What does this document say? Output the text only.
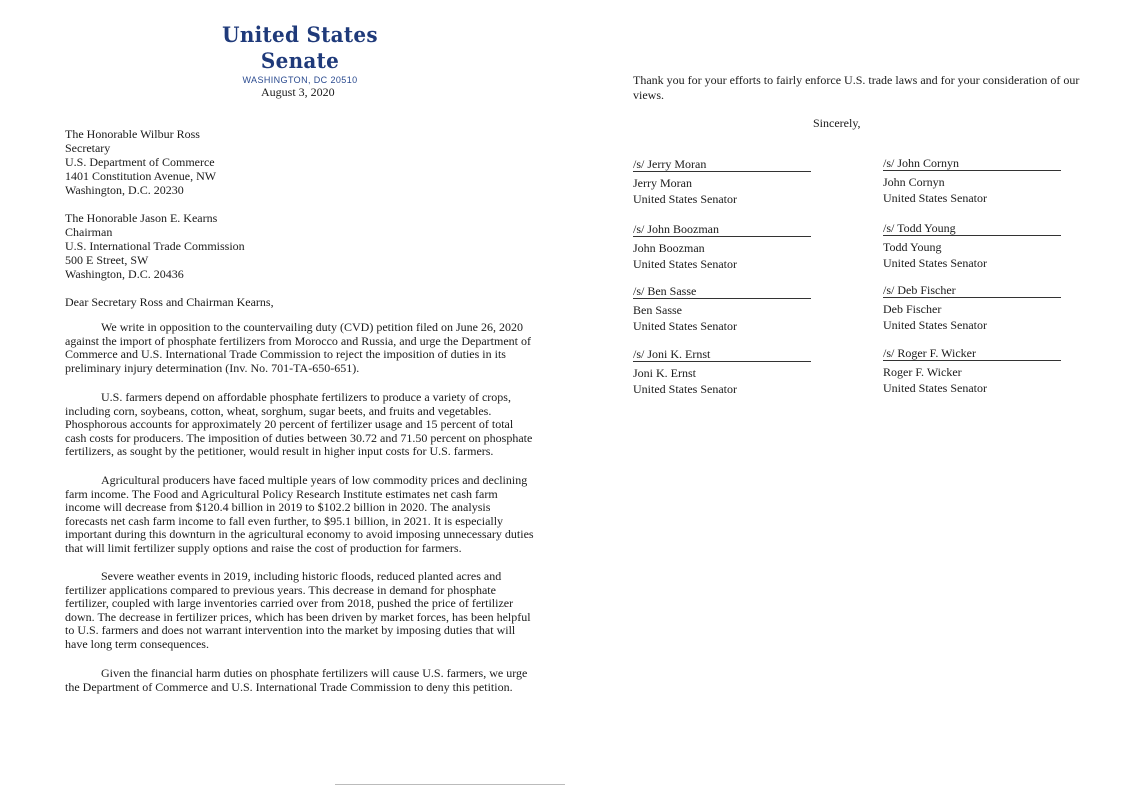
United States Senate
WASHINGTON, DC 20510
August 3, 2020
The Honorable Wilbur Ross
Secretary
U.S. Department of Commerce
1401 Constitution Avenue, NW
Washington, D.C. 20230
The Honorable Jason E. Kearns
Chairman
U.S. International Trade Commission
500 E Street, SW
Washington, D.C. 20436
Dear Secretary Ross and Chairman Kearns,

We write in opposition to the countervailing duty (CVD) petition filed on June 26, 2020 against the import of phosphate fertilizers from Morocco and Russia, and urge the Department of Commerce and U.S. International Trade Commission to reject the imposition of duties in its preliminary injury determination (Inv. No. 701-TA-650-651).

U.S. farmers depend on affordable phosphate fertilizers to produce a variety of crops, including corn, soybeans, cotton, wheat, sorghum, sugar beets, and fruits and vegetables. Phosphorous accounts for approximately 20 percent of fertilizer usage and 15 percent of total cash costs for producers. The imposition of duties between 30.72 and 71.50 percent on phosphate fertilizers, as sought by the petitioner, would result in higher input costs for U.S. farmers.

Agricultural producers have faced multiple years of low commodity prices and declining farm income. The Food and Agricultural Policy Research Institute estimates net cash farm income will decrease from $120.4 billion in 2019 to $102.2 billion in 2020. The analysis forecasts net cash farm income to fall even further, to $95.1 billion, in 2021. It is especially important during this downturn in the agricultural economy to avoid imposing unnecessary duties that will limit fertilizer supply options and raise the cost of production for farmers.

Severe weather events in 2019, including historic floods, reduced planted acres and fertilizer applications compared to previous years. This decrease in demand for phosphate fertilizer, coupled with large inventories carried over from 2018, pushed the price of fertilizer down. The decrease in fertilizer prices, which has been driven by market forces, has been helpful to U.S. farmers and does not warrant intervention into the market by imposing duties that will have long term consequences.

Given the financial harm duties on phosphate fertilizers will cause U.S. farmers, we urge the Department of Commerce and U.S. International Trade Commission to deny this petition.

Thank you for your efforts to fairly enforce U.S. trade laws and for your consideration of our views.

Sincerely,
/s/ Jerry Moran
Jerry Moran
United States Senator
/s/ John Cornyn
John Cornyn
United States Senator
/s/ John Boozman
John Boozman
United States Senator
/s/ Todd Young
Todd Young
United States Senator
/s/ Ben Sasse
Ben Sasse
United States Senator
/s/ Deb Fischer
Deb Fischer
United States Senator
/s/ Joni K. Ernst
Joni K. Ernst
United States Senator
/s/ Roger F. Wicker
Roger F. Wicker
United States Senator
